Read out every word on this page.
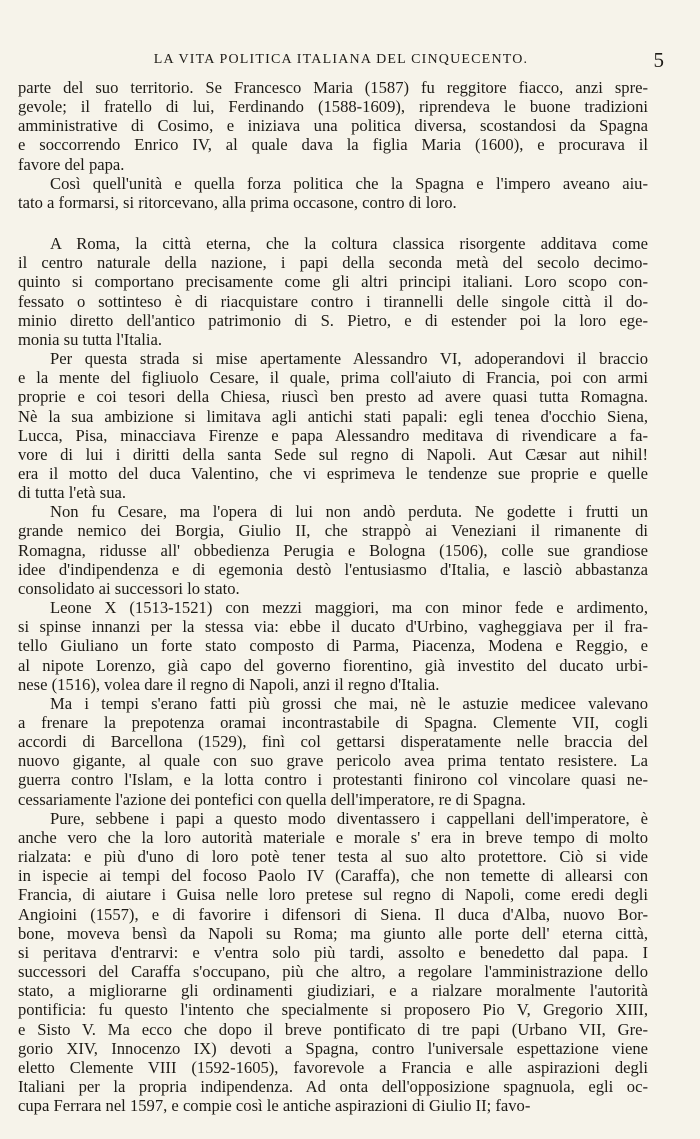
LA VITA POLITICA ITALIANA DEL CINQUECENTO.	5
parte del suo territorio. Se Francesco Maria (1587) fu reggitore fiacco, anzi spre-
gevole; il fratello di lui, Ferdinando (1588-1609), riprendeva le buone tradizioni
amministrative di Cosimo, e iniziava una politica diversa, scostandosi da Spagna
e soccorrendo Enrico IV, al quale dava la figlia Maria (1600), e procurava il
favore del papa.
Così quell'unità e quella forza politica che la Spagna e l'impero aveano aiu-
tato a formarsi, si ritorcevano, alla prima occasone, contro di loro.
A Roma, la città eterna, che la coltura classica risorgente additava come
il centro naturale della nazione, i papi della seconda metà del secolo decimo-
quinto si comportano precisamente come gli altri principi italiani. Loro scopo con-
fessato o sottinteso è di riacquistare contro i tirannelli delle singole città il do-
minio diretto dell'antico patrimonio di S. Pietro, e di estender poi la loro ege-
monia su tutta l'Italia.
Per questa strada si mise apertamente Alessandro VI, adoperandovi il braccio
e la mente del figliuolo Cesare, il quale, prima coll'aiuto di Francia, poi con armi
proprie e coi tesori della Chiesa, riuscì ben presto ad avere quasi tutta Romagna.
Nè la sua ambizione si limitava agli antichi stati papali: egli tenea d'occhio Siena,
Lucca, Pisa, minacciava Firenze e papa Alessandro meditava di rivendicare a fa-
vore di lui i diritti della santa Sede sul regno di Napoli. Aut Cæsar aut nihil!
era il motto del duca Valentino, che vi esprimeva le tendenze sue proprie e quelle
di tutta l'età sua.
Non fu Cesare, ma l'opera di lui non andò perduta. Ne godette i frutti un
grande nemico dei Borgia, Giulio II, che strappò ai Veneziani il rimanente di
Romagna, ridusse all' obbedienza Perugia e Bologna (1506), colle sue grandiose
idee d'indipendenza e di egemonia destò l'entusiasmo d'Italia, e lasciò abbastanza
consolidato ai successori lo stato.
Leone X (1513-1521) con mezzi maggiori, ma con minor fede e ardimento,
si spinse innanzi per la stessa via: ebbe il ducato d'Urbino, vagheggiava per il fra-
tello Giuliano un forte stato composto di Parma, Piacenza, Modena e Reggio, e
al nipote Lorenzo, già capo del governo fiorentino, già investito del ducato urbi-
nese (1516), volea dare il regno di Napoli, anzi il regno d'Italia.
Ma i tempi s'erano fatti più grossi che mai, nè le astuzie medicee valevano
a frenare la prepotenza oramai incontrastabile di Spagna. Clemente VII, cogli
accordi di Barcellona (1529), finì col gettarsi disperatamente nelle braccia del
nuovo gigante, al quale con suo grave pericolo avea prima tentato resistere. La
guerra contro l'Islam, e la lotta contro i protestanti finirono col vincolare quasi ne-
cessariamente l'azione dei pontefici con quella dell'imperatore, re di Spagna.
Pure, sebbene i papi a questo modo diventassero i cappellani dell'imperatore, è
anche vero che la loro autorità materiale e morale s' era in breve tempo di molto
rialzata: e più d'uno di loro potè tener testa al suo alto protettore. Ciò si vide
in ispecie ai tempi del focoso Paolo IV (Caraffa), che non temette di allearsi con
Francia, di aiutare i Guisa nelle loro pretese sul regno di Napoli, come eredi degli
Angioini (1557), e di favorire i difensori di Siena. Il duca d'Alba, nuovo Bor-
bone, moveva bensì da Napoli su Roma; ma giunto alle porte dell' eterna città,
si peritava d'entrarvi: e v'entra solo più tardi, assolto e benedetto dal papa. I
successori del Caraffa s'occupano, più che altro, a regolare l'amministrazione dello
stato, a migliorarne gli ordinamenti giudiziari, e a rialzare moralmente l'autorità
pontificia: fu questo l'intento che specialmente si proposero Pio V, Gregorio XIII,
e Sisto V. Ma ecco che dopo il breve pontificato di tre papi (Urbano VII, Gre-
gorio XIV, Innocenzo IX) devoti a Spagna, contro l'universale espettazione viene
eletto Clemente VIII (1592-1605), favorevole a Francia e alle aspirazioni degli
Italiani per la propria indipendenza. Ad onta dell'opposizione spagnuola, egli oc-
cupa Ferrara nel 1597, e compie così le antiche aspirazioni di Giulio II; favo-
